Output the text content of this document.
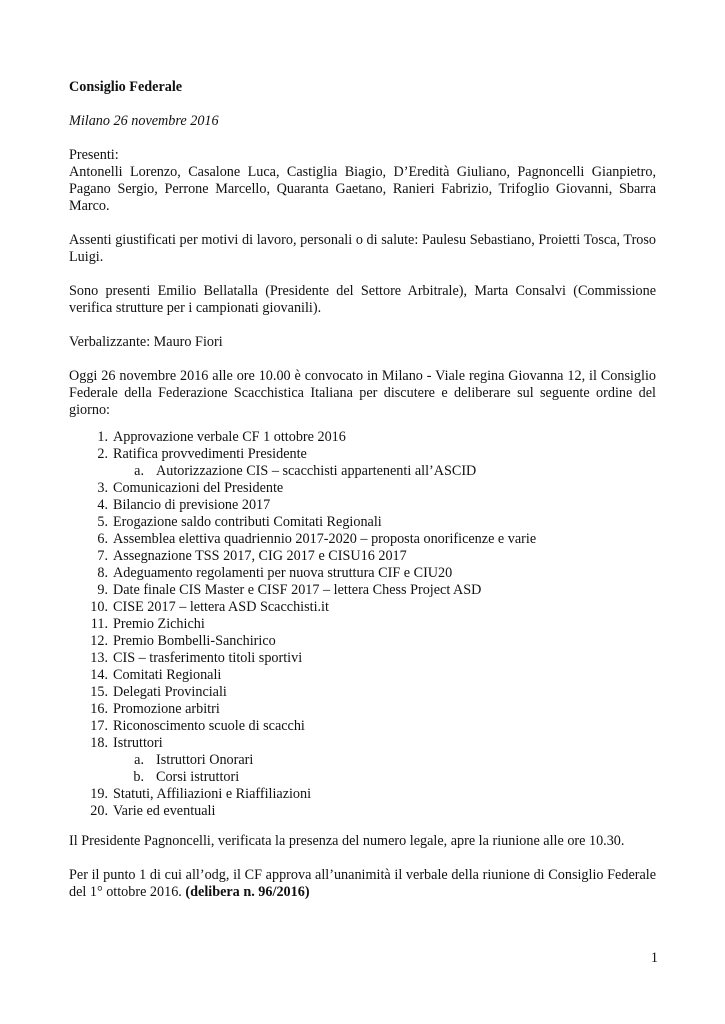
Consiglio Federale

Milano 26 novembre 2016

Presenti:

Antonelli Lorenzo, Casalone Luca, Castiglia Biagio, D’Eredità Giuliano, Pagnoncelli Gianpietro, Pagano Sergio, Perrone Marcello, Quaranta Gaetano, Ranieri Fabrizio, Trifoglio Giovanni, Sbarra Marco.

Assenti giustificati per motivi di lavoro, personali o di salute: Paulesu Sebastiano, Proietti Tosca, Troso Luigi.

Sono presenti Emilio Bellatalla (Presidente del Settore Arbitrale), Marta Consalvi (Commissione verifica strutture per i campionati giovanili).

Verbalizzante: Mauro Fiori

Oggi 26 novembre 2016 alle ore 10.00 è convocato in Milano - Viale regina Giovanna 12, il Consiglio Federale della Federazione Scacchistica Italiana per discutere e deliberare sul seguente ordine del giorno:

1. Approvazione verbale CF 1 ottobre 2016
2. Ratifica provvedimenti Presidente
a. Autorizzazione CIS – scacchisti appartenenti all’ASCID
3. Comunicazioni del Presidente
4. Bilancio di previsione 2017
5. Erogazione saldo contributi Comitati Regionali
6. Assemblea elettiva quadriennio 2017-2020 – proposta onorificenze e varie
7. Assegnazione TSS 2017, CIG 2017 e CISU16 2017
8. Adeguamento regolamenti per nuova struttura CIF e CIU20
9. Date finale CIS Master e CISF 2017 – lettera Chess Project ASD
10. CISE 2017 – lettera ASD Scacchisti.it
11. Premio Zichichi
12. Premio Bombelli-Sanchirico
13. CIS – trasferimento titoli sportivi
14. Comitati Regionali
15. Delegati Provinciali
16. Promozione arbitri
17. Riconoscimento scuole di scacchi
18. Istruttori
a. Istruttori Onorari
b. Corsi istruttori
19. Statuti, Affiliazioni e Riaffiliazioni
20. Varie ed eventuali

Il Presidente Pagnoncelli, verificata la presenza del numero legale, apre la riunione alle ore 10.30.

Per il punto 1 di cui all’odg, il CF approva all’unanimità il verbale della riunione di Consiglio Federale del 1° ottobre 2016. (delibera n. 96/2016)

1
